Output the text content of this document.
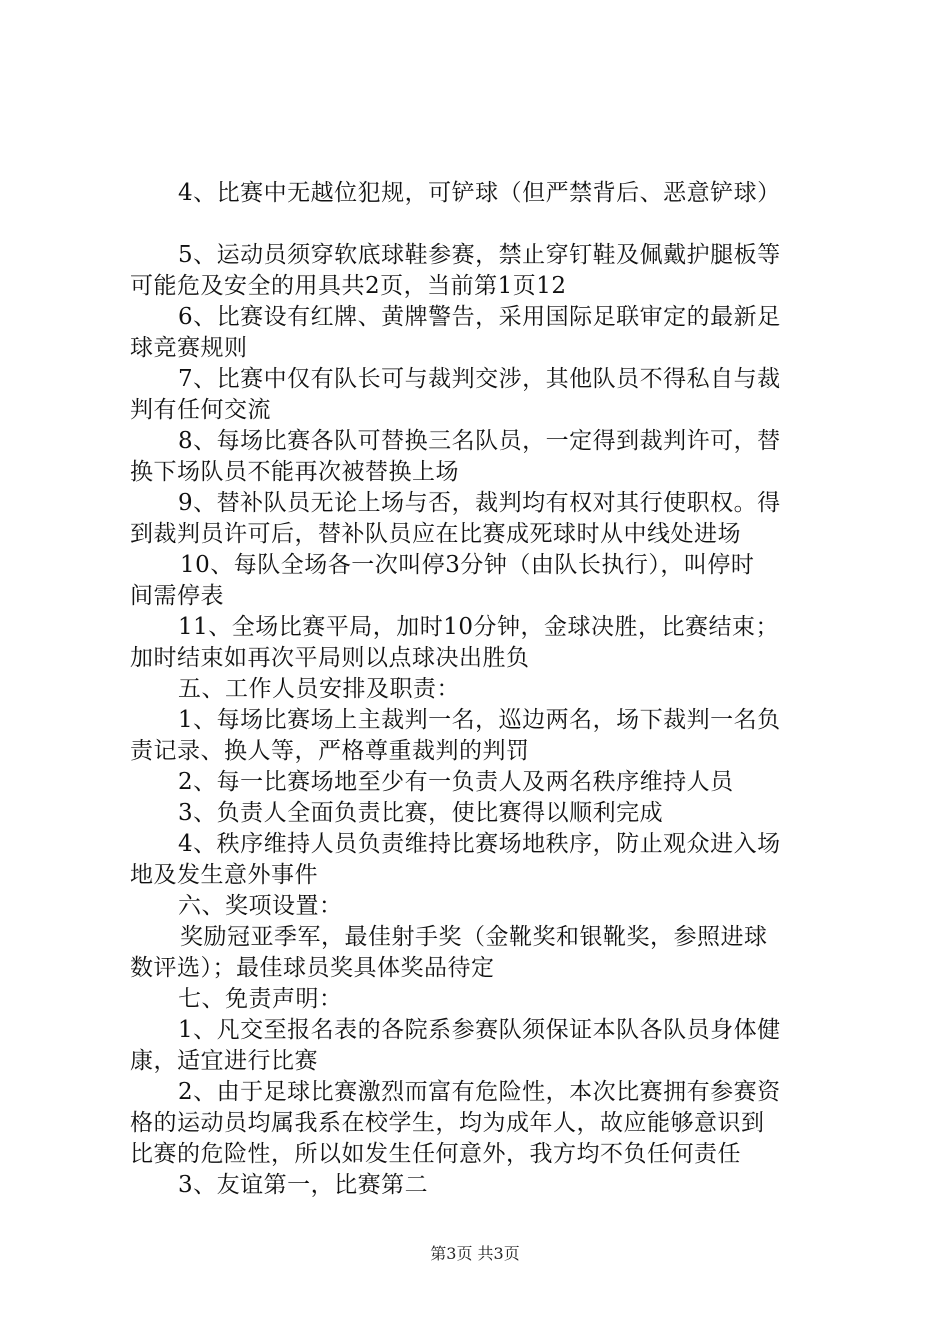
4、比赛中无越位犯规，可铲球（但严禁背后、恶意铲球）
5、运动员须穿软底球鞋参赛，禁止穿钉鞋及佩戴护腿板等
可能危及安全的用具共2页，当前第1页12
6、比赛设有红牌、黄牌警告，采用国际足联审定的最新足
球竞赛规则
7、比赛中仅有队长可与裁判交涉，其他队员不得私自与裁
判有任何交流
8、每场比赛各队可替换三名队员，一定得到裁判许可，替
换下场队员不能再次被替换上场
9、替补队员无论上场与否，裁判均有权对其行使职权。得
到裁判员许可后，替补队员应在比赛成死球时从中线处进场
10、每队全场各一次叫停3分钟（由队长执行），叫停时
间需停表
11、全场比赛平局，加时10分钟，金球决胜，比赛结束；
加时结束如再次平局则以点球决出胜负
五、工作人员安排及职责：
1、每场比赛场上主裁判一名，巡边两名，场下裁判一名负
责记录、换人等，严格尊重裁判的判罚
2、每一比赛场地至少有一负责人及两名秩序维持人员
3、负责人全面负责比赛，使比赛得以顺利完成
4、秩序维持人员负责维持比赛场地秩序，防止观众进入场
地及发生意外事件
六、奖项设置：
奖励冠亚季军，最佳射手奖（金靴奖和银靴奖，参照进球
数评选）；最佳球员奖具体奖品待定
七、免责声明：
1、凡交至报名表的各院系参赛队须保证本队各队员身体健
康，适宜进行比赛
2、由于足球比赛激烈而富有危险性，本次比赛拥有参赛资
格的运动员均属我系在校学生，均为成年人，故应能够意识到
比赛的危险性，所以如发生任何意外，我方均不负任何责任
3、友谊第一，比赛第二
第3页 共3页
